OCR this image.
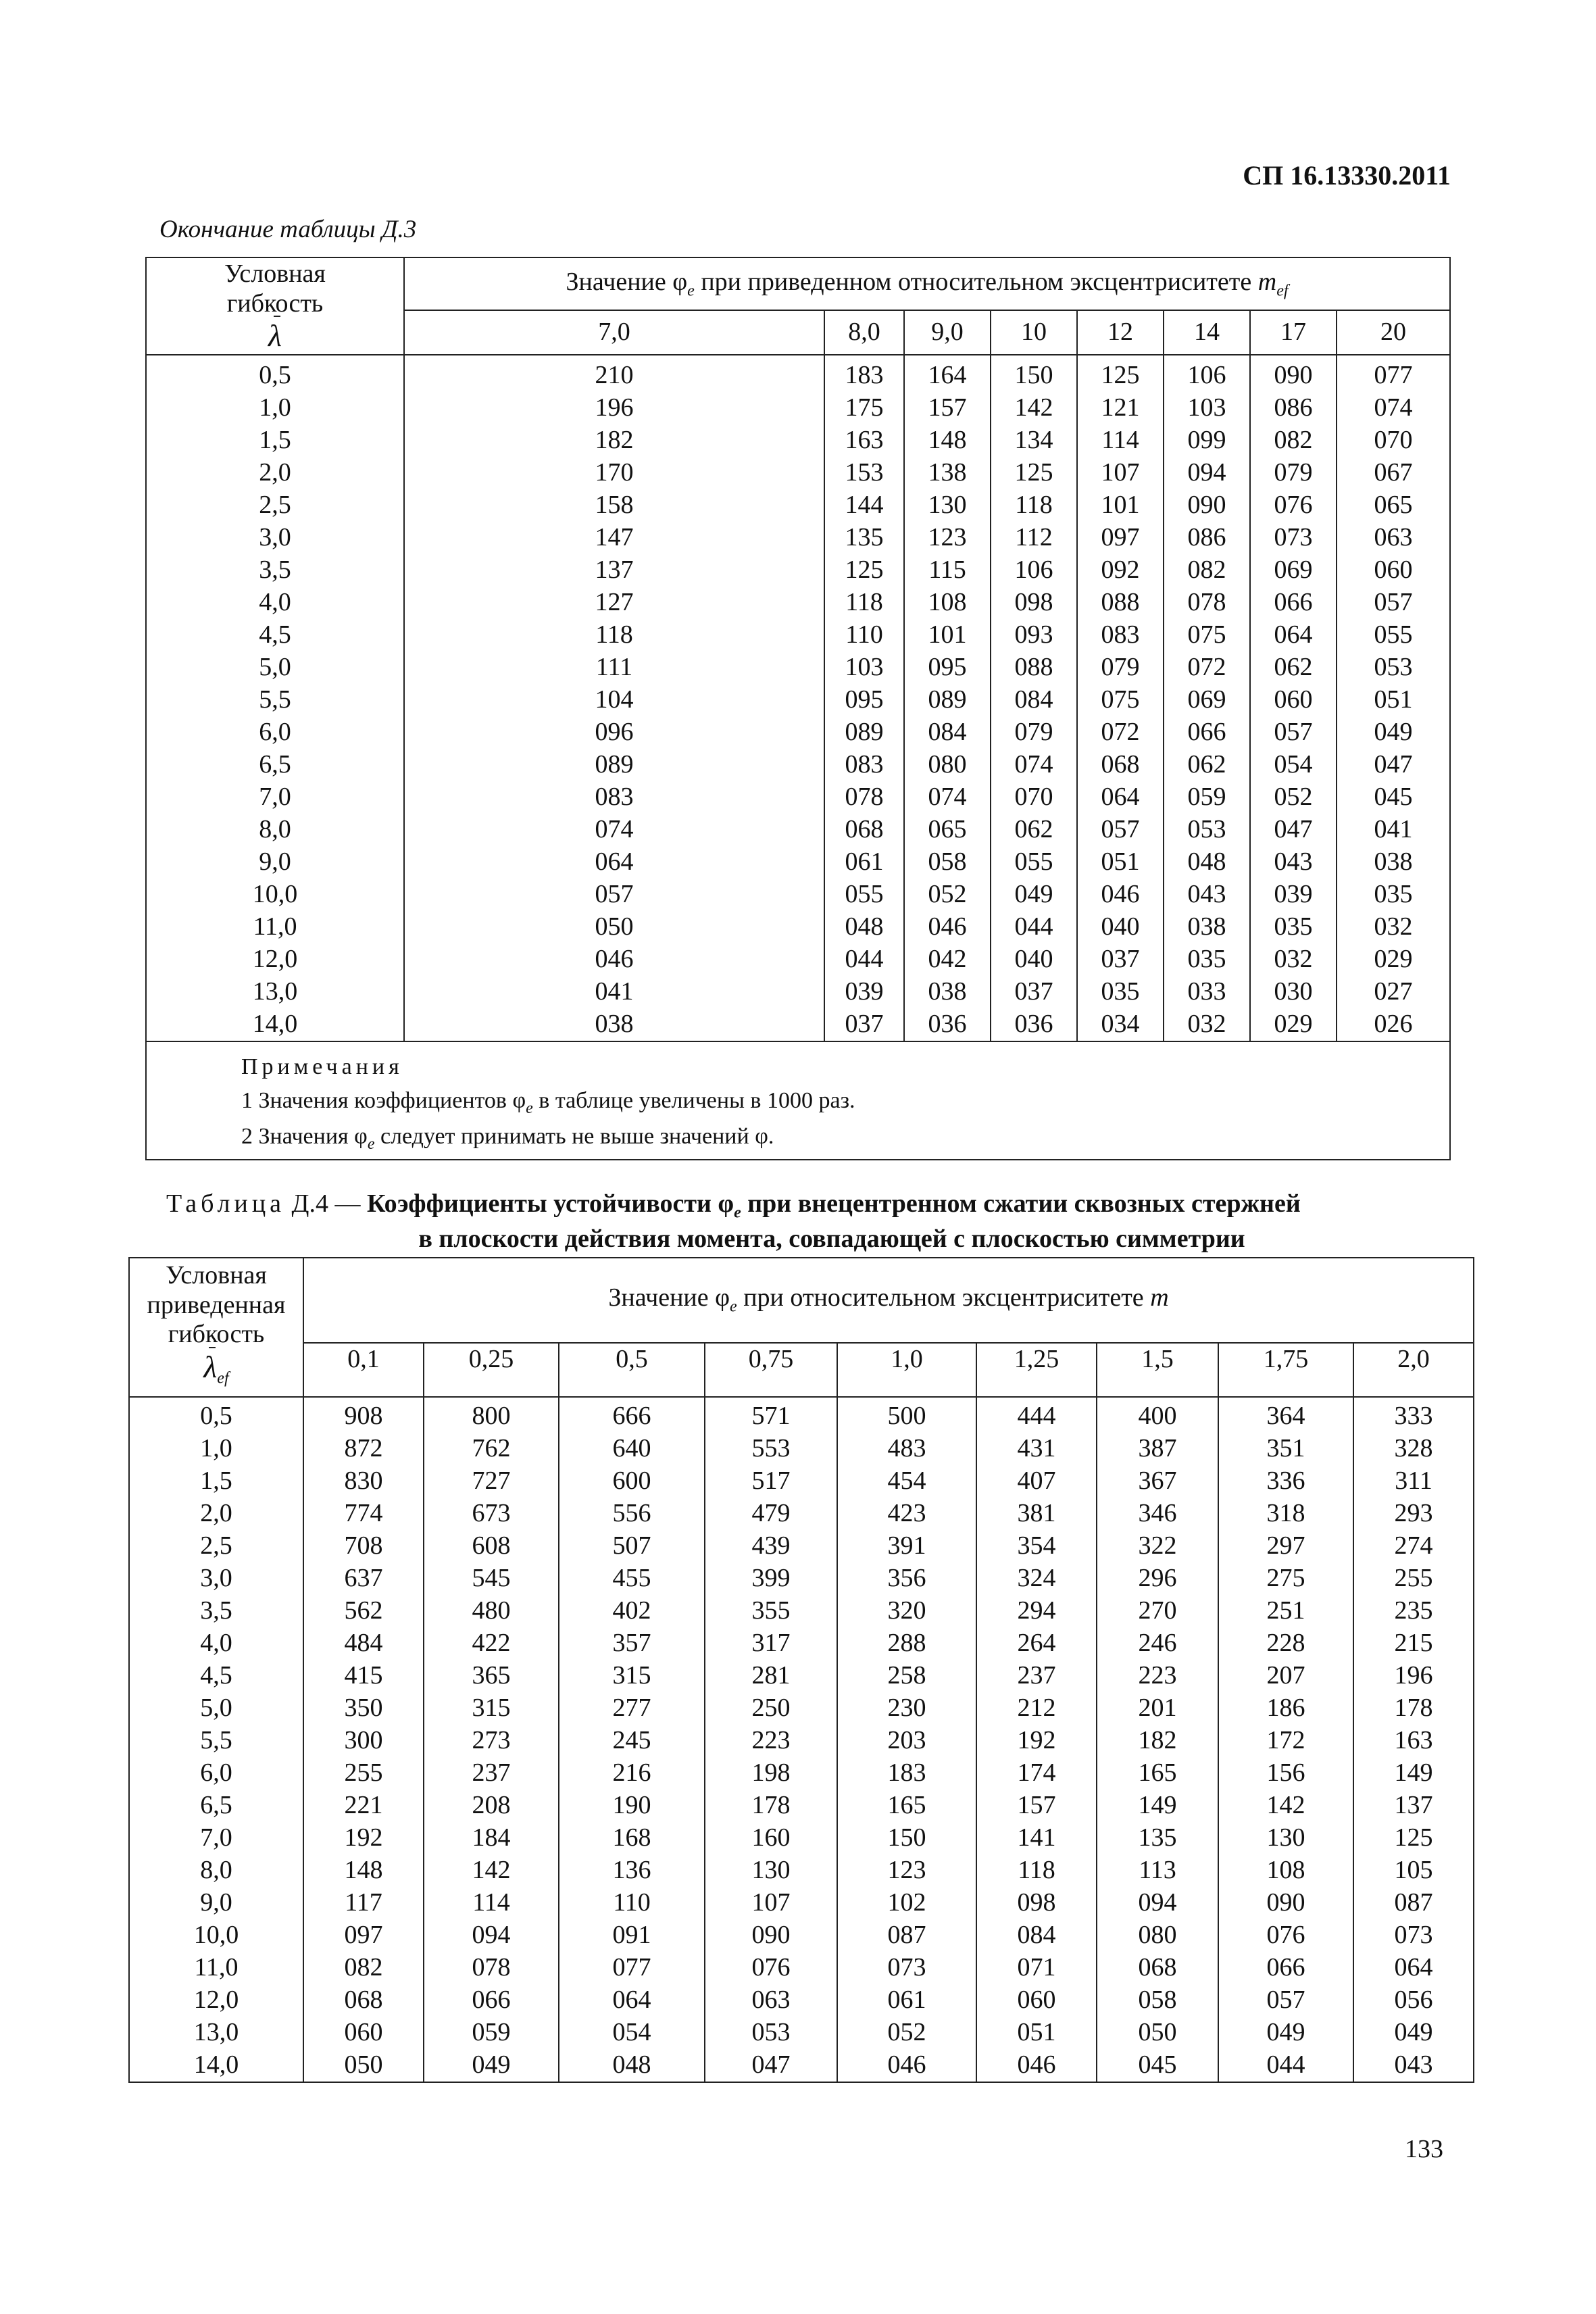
СП 16.13330.2011
Окончание таблицы Д.3
Условная
гибкость
λ	Значение $\varphi_e$ при приведенном относительном эксцентриситете $m_{ef}$
	7,0	8,0	9,0	10	12	14	17	20
0,5	210	183	164	150	125	106	090	077
1,0	196	175	157	142	121	103	086	074
1,5	182	163	148	134	114	099	082	070
2,0	170	153	138	125	107	094	079	067
2,5	158	144	130	118	101	090	076	065
3,0	147	135	123	112	097	086	073	063
3,5	137	125	115	106	092	082	069	060
4,0	127	118	108	098	088	078	066	057
4,5	118	110	101	093	083	075	064	055
5,0	111	103	095	088	079	072	062	053
5,5	104	095	089	084	075	069	060	051
6,0	096	089	084	079	072	066	057	049
6,5	089	083	080	074	068	062	054	047
7,0	083	078	074	070	064	059	052	045
8,0	074	068	065	062	057	053	047	041
9,0	064	061	058	055	051	048	043	038
10,0	057	055	052	049	046	043	039	035
11,0	050	048	046	044	040	038	035	032
12,0	046	044	042	040	037	035	032	029
13,0	041	039	038	037	035	033	030	027
14,0	038	037	036	036	034	032	029	026

Примечания
1 Значения коэффициентов $\varphi_e$ в таблице увеличены в 1000 раз.
2 Значения $\varphi_e$ следует принимать не выше значений φ.								
Таблица Д.4 — Коэффициенты устойчивости $\varphi_e$ при внецентренном сжатии сквозных стержней
в плоскости действия момента, совпадающей с плоскостью симметрии
Условная
приведенная
гибкость
$\lambda_{ef}$	Значение $\varphi_e$ при относительном эксцентриситете m								
	0,1	0,25	0,5	0,75	1,0	1,25	1,5	1,75	2,0
0,5	908	800	666	571	500	444	400	364	333
1,0	872	762	640	553	483	431	387	351	328
1,5	830	727	600	517	454	407	367	336	311
2,0	774	673	556	479	423	381	346	318	293
2,5	708	608	507	439	391	354	322	297	274
3,0	637	545	455	399	356	324	296	275	255
3,5	562	480	402	355	320	294	270	251	235
4,0	484	422	357	317	288	264	246	228	215
4,5	415	365	315	281	258	237	223	207	196
5,0	350	315	277	250	230	212	201	186	178
5,5	300	273	245	223	203	192	182	172	163
6,0	255	237	216	198	183	174	165	156	149
6,5	221	208	190	178	165	157	149	142	137
7,0	192	184	168	160	150	141	135	130	125
8,0	148	142	136	130	123	118	113	108	105
9,0	117	114	110	107	102	098	094	090	087
10,0	097	094	091	090	087	084	080	076	073
11,0	082	078	077	076	073	071	068	066	064
12,0	068	066	064	063	061	060	058	057	056
13,0	060	059	054	053	052	051	050	049	049
14,0	050	049	048	047	046	046	045	044	043
133
